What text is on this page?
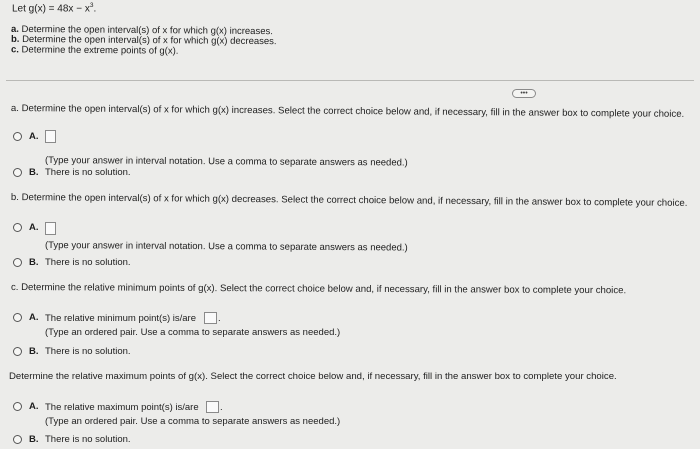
Let $g(x) = 48x - x^3$.
a. Determine the open interval(s) of x for which g(x) increases.
b. Determine the open interval(s) of x for which g(x) decreases.
c. Determine the extreme points of g(x).
•••
a. Determine the open interval(s) of x for which g(x) increases. Select the correct choice below and, if necessary, fill in the answer box to complete your choice.
A.
(Type your answer in interval notation. Use a comma to separate answers as needed.)
B. There is no solution.
b. Determine the open interval(s) of x for which g(x) decreases. Select the correct choice below and, if necessary, fill in the answer box to complete your choice.
A.
(Type your answer in interval notation. Use a comma to separate answers as needed.)
B. There is no solution.
c. Determine the relative minimum points of g(x). Select the correct choice below and, if necessary, fill in the answer box to complete your choice.
A. The relative minimum point(s) is/are .
(Type an ordered pair. Use a comma to separate answers as needed.)
B. There is no solution.
Determine the relative maximum points of g(x). Select the correct choice below and, if necessary, fill in the answer box to complete your choice.
A. The relative maximum point(s) is/are .
(Type an ordered pair. Use a comma to separate answers as needed.)
B. There is no solution.
